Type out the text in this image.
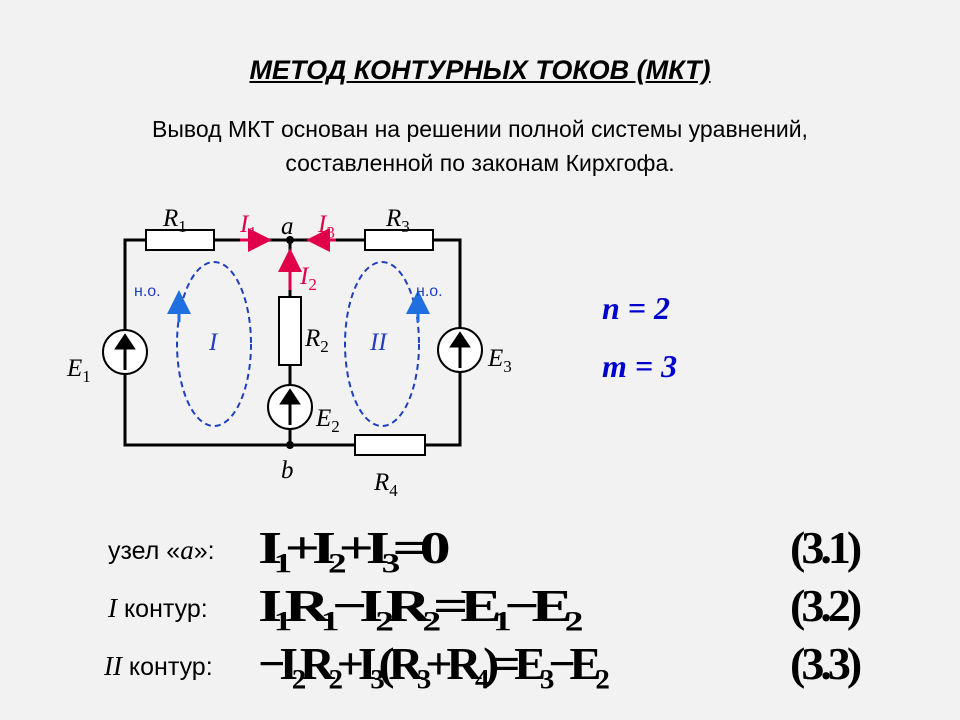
МЕТОД КОНТУРНЫХ ТОКОВ (МКТ)
Вывод МКТ основан на решении полной системы уравнений,
составленной по законам Кирхгофа.
$R_1$	$R_3$
$R_2$
$R_4$
$E_1$
$E_2$
$E_3$
a
b
$I_1$ $I_3$
$I_2$
I	II
н.о.	н.о.	n = 2
m = 3
узел «a»: I₁+I₂+I₃=0	(3.1)
I контур: I₁R₁−I₂R₂=E₁−E₂	(3.2)
II контур: −I₂R₂+I₃(R₃+R₄)=E₃−E₂	(3.3)
